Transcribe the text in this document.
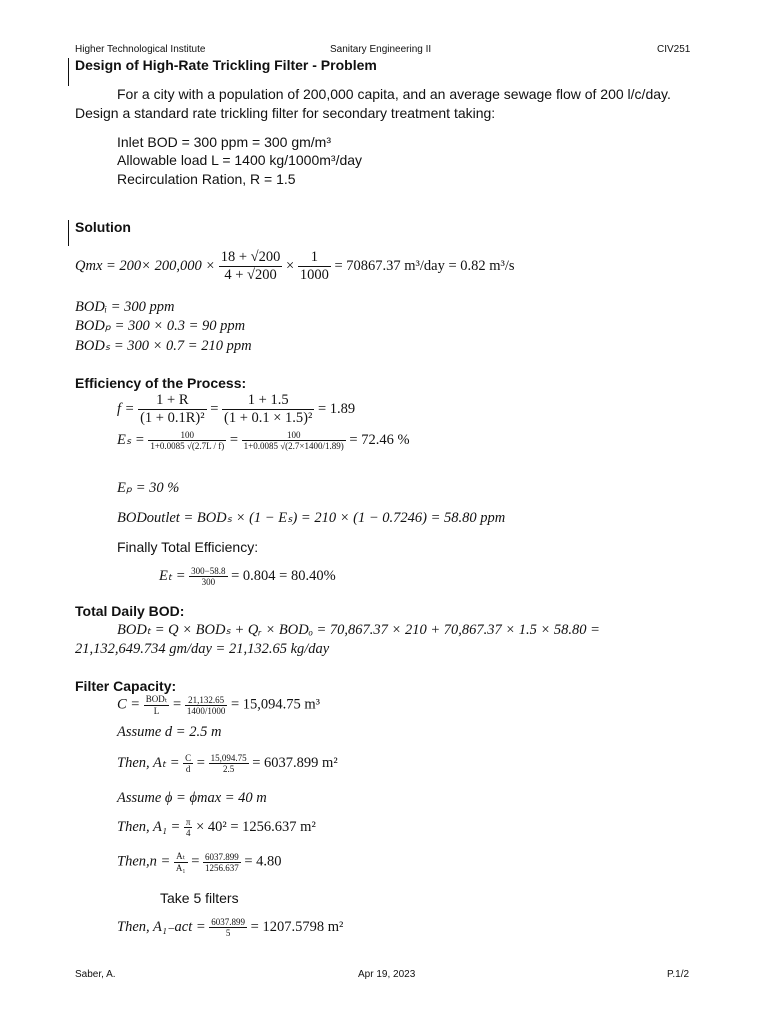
Higher Technological Institute	Sanitary Engineering II	CIV251
Design of High-Rate Trickling Filter - Problem
For a city with a population of 200,000 capita, and an average sewage flow of 200 l/c/day.
Design a standard rate trickling filter for secondary treatment taking:
Inlet BOD = 300 ppm = 300 gm/m³
Allowable load L = 1400 kg/1000m³/day
Recirculation Ration, R = 1.5
Solution
Qmx = $200\times 200,000 \times \frac{18 + √200}{4 + √200} \times \frac{1}{1000} = 70867.37$ m³/day = 0.82 m³/s
BODᵢ = 300 ppm
BODₚ = 300 × 0.3 = 90 ppm
BODₛ = 300 × 0.7 = 210 ppm
Efficiency of the Process:
$f = \frac{1 + R}{\text{(1 + 0.1R)²}} = \frac{1 + 1.5}{\text{(1 + 0.1 × 1.5)²}} = 1.89$
$E_s = \frac{100}{1+0.0085 √(2.7L / f)} = \frac{100}{1+0.0085 √(2.7\times 1400/1.89)} = 72.46$ %
Eₚ = 30 %
BODoutlet = BODₛ × (1 − Eₛ) = 210 × (1 − 0.7246) = 58.80 ppm
Finally Total Efficiency:
$E_t = \frac{300-58.8}{300} = 0.804 = 80.40\%$
Total Daily BOD:
BODₜ = Q × BODₛ + Qᵣ × BODₒ = 70,867.37 × 210 + 70,867.37 × 1.5 × 58.80 =
21,132,649.734 gm/day = 21,132.65 kg/day
Filter Capacity:
$C = \frac{\text{BODₜ}}{L} = \frac{21,132.65}{1400/1000} = 15,094.75$ m³
Assume d = 2.5 m
Then, $A_t = \frac{C}{d} = \frac{15,094.75}{2.5} = 6037.899$ m²
Assume ϕ = ϕmax = 40 m
Then, $A_1 = \frac{\pi}{4} \times 40^2 = 1256.637$ m²
Then,n = $\frac{\text{Aₜ}}{\text{A₁}} = \frac{6037.899}{1256.637} = 4.80$
Take 5 filters
Then, $A_{1-}act = \frac{6037.899}{5} = 1207.5798$ m²
Saber, A.	Apr 19, 2023	P.1/2
